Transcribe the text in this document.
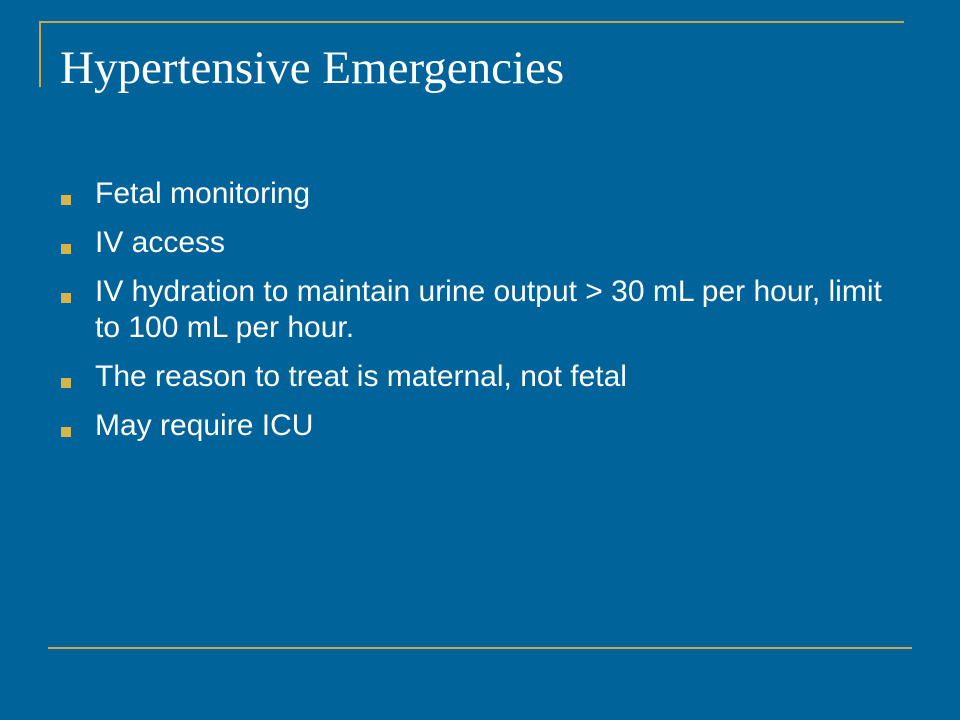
Hypertensive Emergencies
Fetal monitoring
IV access
IV hydration to maintain urine output > 30 mL per hour, limit to 100 mL per hour.
The reason to treat is maternal, not fetal
May require ICU
